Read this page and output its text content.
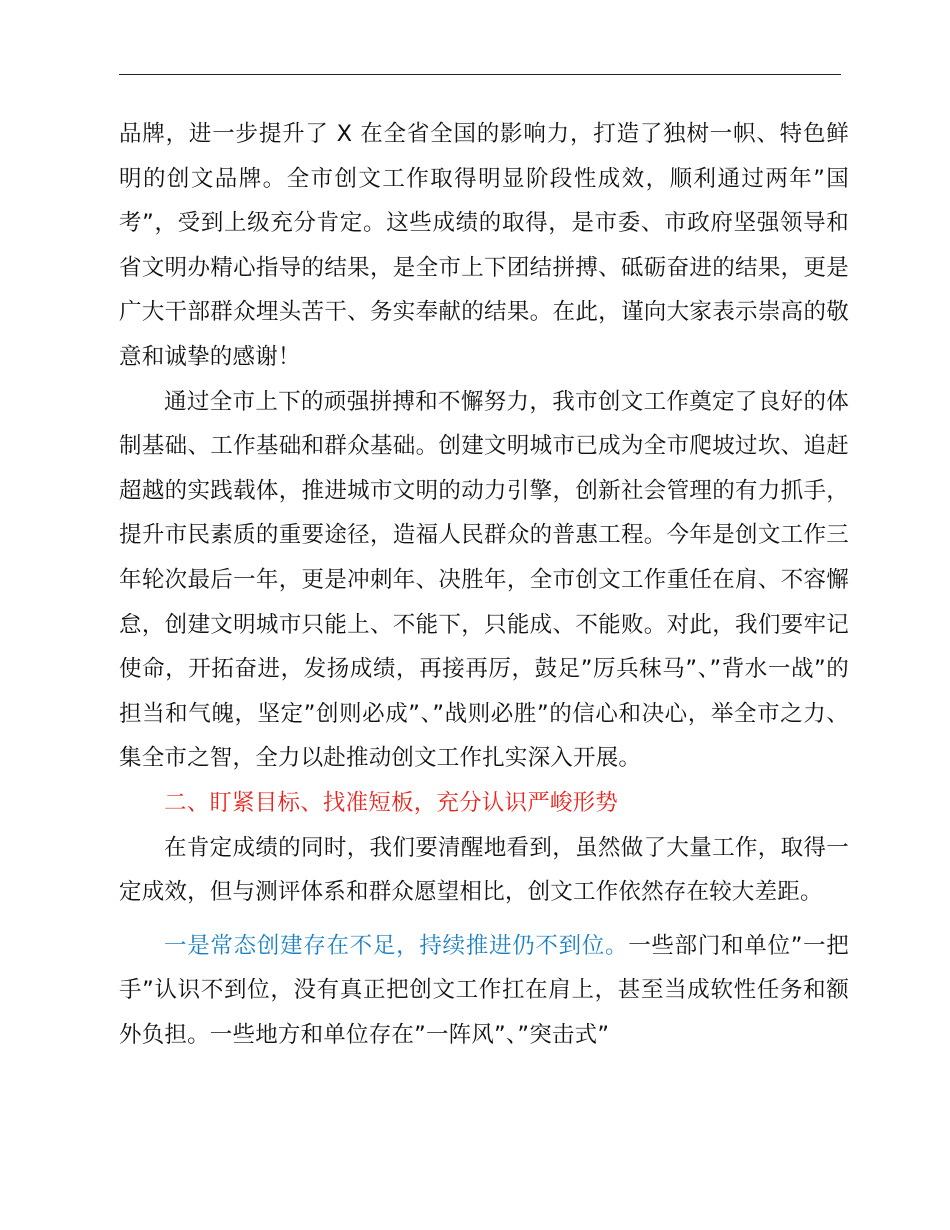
品牌，进一步提升了 X 在全省全国的影响力，打造了独树一帜、特色鲜明的创文品牌。全市创文工作取得明显阶段性成效，顺利通过两年”国考”，受到上级充分肯定。这些成绩的取得，是市委、市政府坚强领导和省文明办精心指导的结果，是全市上下团结拼搏、砥砺奋进的结果，更是广大干部群众埋头苦干、务实奉献的结果。在此，谨向大家表示崇高的敬意和诚挚的感谢！

通过全市上下的顽强拼搏和不懈努力，我市创文工作奠定了良好的体制基础、工作基础和群众基础。创建文明城市已成为全市爬坡过坎、追赶超越的实践载体，推进城市文明的动力引擎，创新社会管理的有力抓手，提升市民素质的重要途径，造福人民群众的普惠工程。今年是创文工作三年轮次最后一年，更是冲刺年、决胜年，全市创文工作重任在肩、不容懈怠，创建文明城市只能上、不能下，只能成、不能败。对此，我们要牢记使命，开拓奋进，发扬成绩，再接再厉，鼓足”厉兵秣马”、”背水一战”的担当和气魄，坚定”创则必成”、”战则必胜”的信心和决心，举全市之力、集全市之智，全力以赴推动创文工作扎实深入开展。

二、盯紧目标、找准短板，充分认识严峻形势

在肯定成绩的同时，我们要清醒地看到，虽然做了大量工作，取得一定成效，但与测评体系和群众愿望相比，创文工作依然存在较大差距。

一是常态创建存在不足，持续推进仍不到位。一些部门和单位”一把手”认识不到位，没有真正把创文工作扛在肩上，甚至当成软性任务和额外负担。一些地方和单位存在”一阵风”、”突击式”
